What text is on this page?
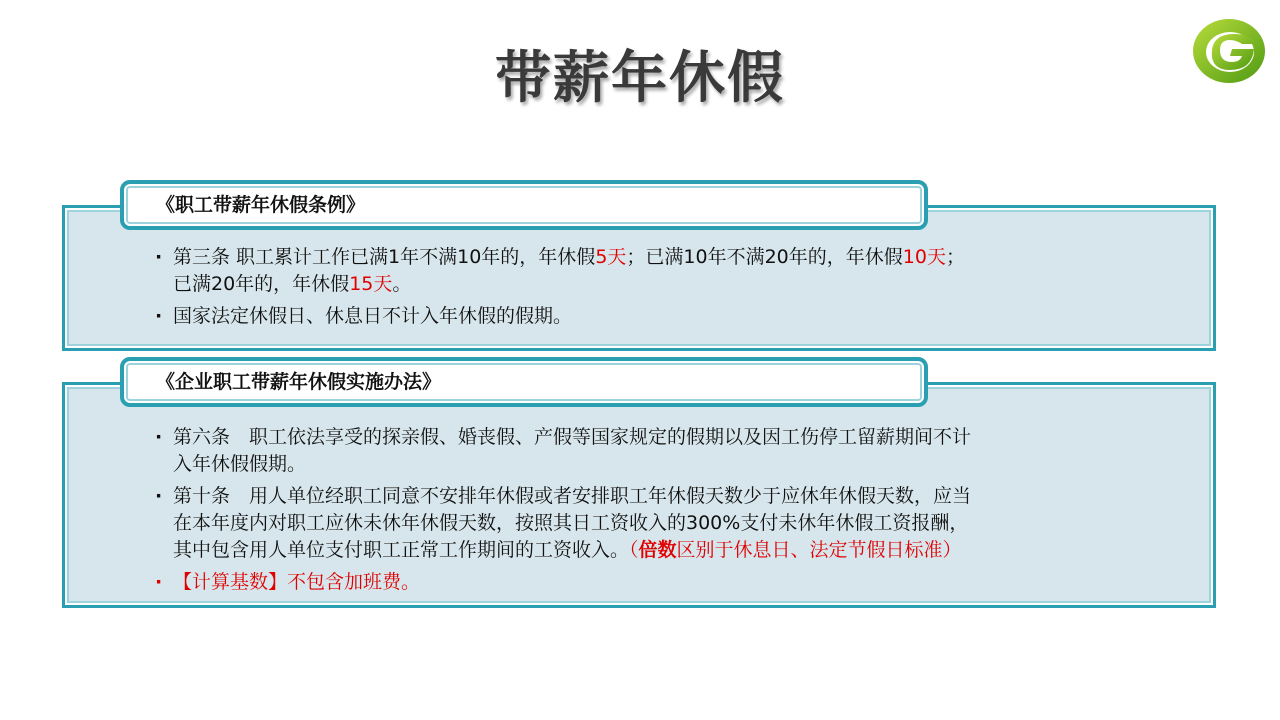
带薪年休假
《职工带薪年休假条例》
· 第三条 职工累计工作已满1年不满10年的，年休假5天；已满10年不满20年的，年休假10天；
已满20年的，年休假15天。
· 国家法定休假日、休息日不计入年休假的假期。
《企业职工带薪年休假实施办法》
· 第六条　职工依法享受的探亲假、婚丧假、产假等国家规定的假期以及因工伤停工留薪期间不计
入年休假假期。
· 第十条　用人单位经职工同意不安排年休假或者安排职工年休假天数少于应休年休假天数，应当
在本年度内对职工应休未休年休假天数，按照其日工资收入的300%支付未休年休假工资报酬，
其中包含用人单位支付职工正常工作期间的工资收入。（倍数区别于休息日、法定节假日标准）
· 【计算基数】不包含加班费。
